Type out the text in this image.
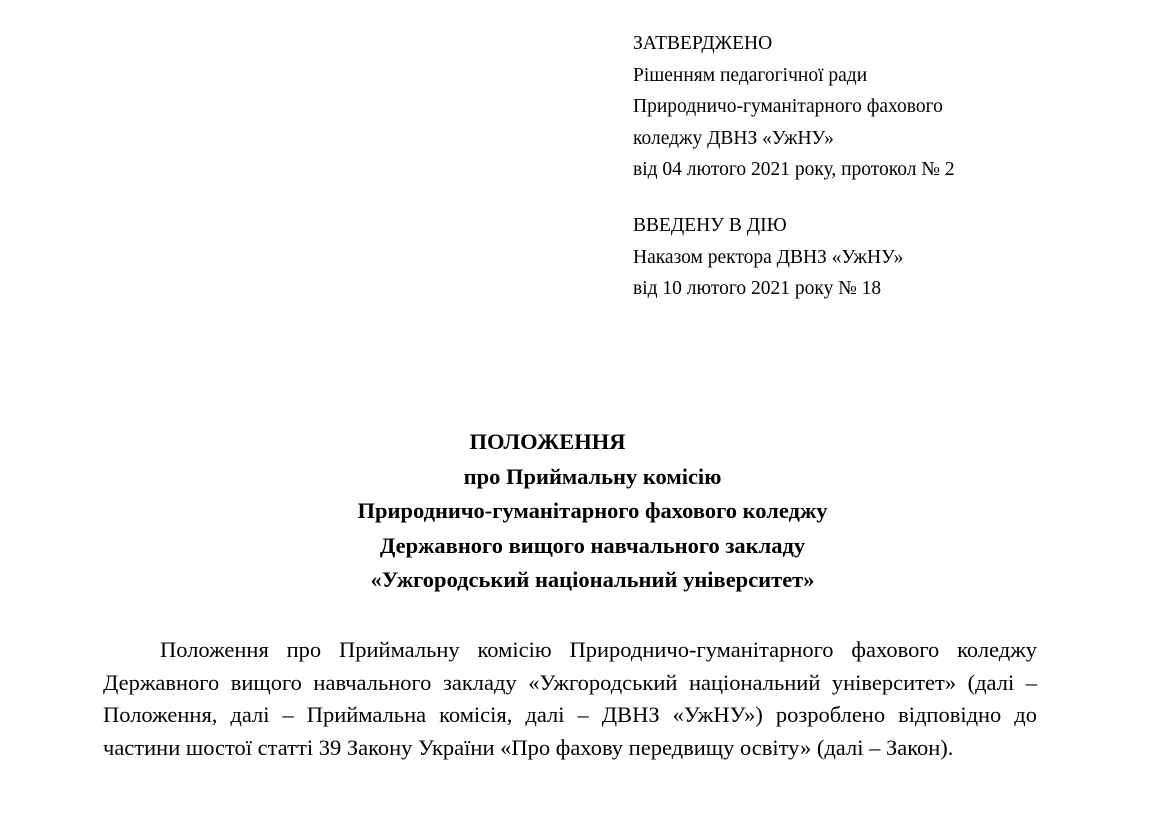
ЗАТВЕРДЖЕНО
Рішенням педагогічної ради
Природничо-гуманітарного фахового
коледжу ДВНЗ «УжНУ»
від 04 лютого 2021 року, протокол № 2
ВВЕДЕНУ В ДІЮ
Наказом ректора ДВНЗ «УжНУ»
від 10 лютого 2021 року № 18
ПОЛОЖЕННЯ
про Приймальну комісію
Природничо-гуманітарного фахового коледжу
Державного вищого навчального закладу
«Ужгородський національний університет»

Положення про Приймальну комісію Природничо-гуманітарного фахового коледжу Державного вищого навчального закладу «Ужгородський національний університет» (далі – Положення, далі – Приймальна комісія, далі – ДВНЗ «УжНУ») розроблено відповідно до частини шостої статті 39 Закону України «Про фахову передвищу освіту» (далі – Закон).
